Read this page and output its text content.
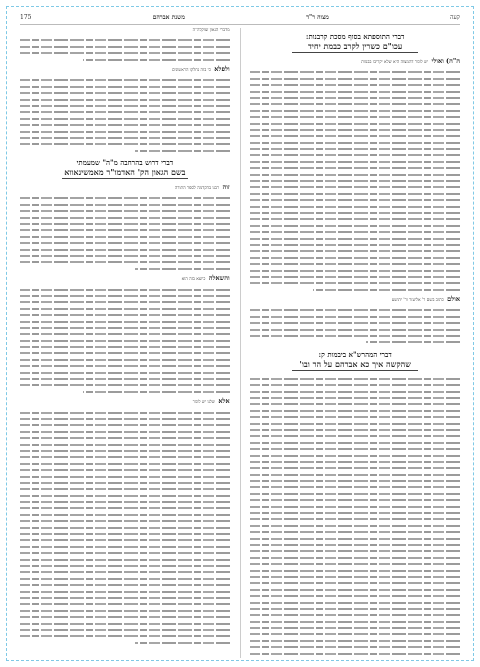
קעה
מצוה ר"ד
משנת אברהם
175
דברי התוספתא בסוף מסכת קרבנות:
עכו"ם כשרין לקרב כבמת יחיד

ה"ה) ואולי יש לומר דהמצוה היא שלא יקריבו בבמות

אולם כתוב בשם ר' אליעזר ור' יהושע

דברי המהרש"א ביבמות ק:
שהקשה איך כא אברהם על הר ובו'

מדברי הגאון זצוקלה"ה

ולפלא כי בזה נחלקו הראשונים

דברי דרוש בהרחבה מ"ה" שמעמתי
בשם הגאון הק' האדמו"ר מאמשינאווא

זוה רבנו בהקדמה לספר התורה

והשאלה כיוצא בזה הוא

אלא שלנו יש לומר
